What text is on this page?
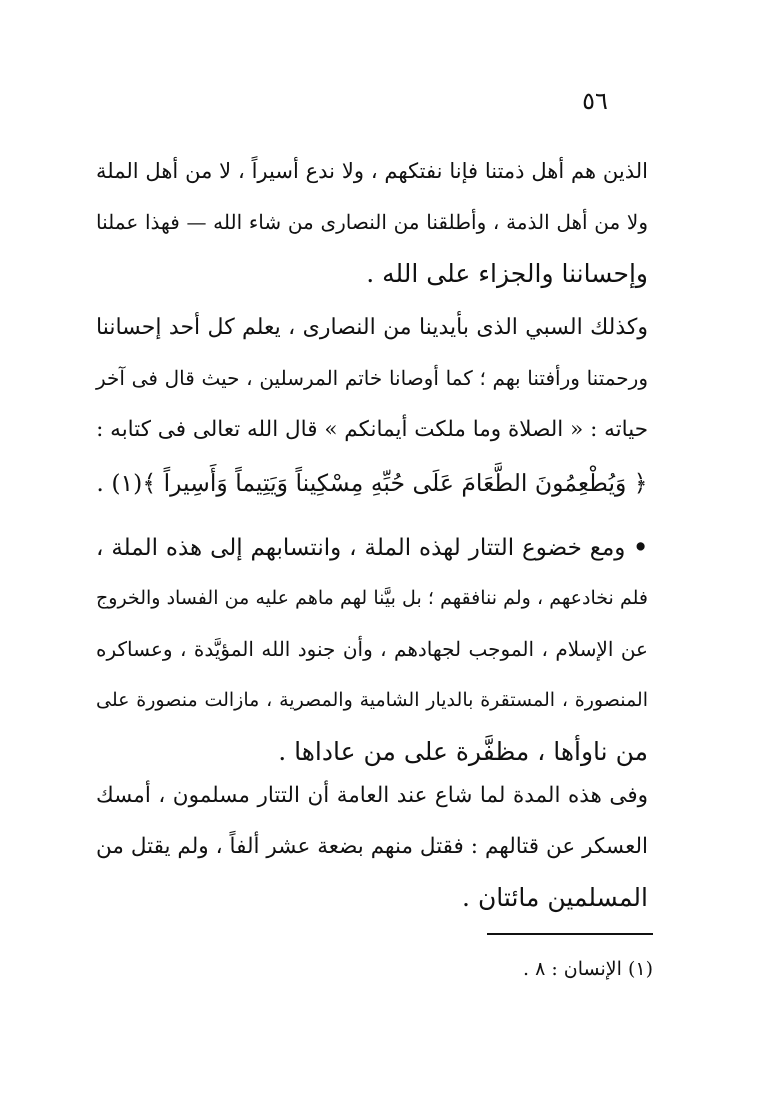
٥٦
الذين هم أهل ذمتنا فإنا نفتكهم ، ولا ندع أسيراً ، لا من أهل الملة
ولا من أهل الذمة ، وأطلقنا من النصارى من شاء الله — فهذا عملنا
وإحساننا والجزاء على الله .
وكذلك السبي الذى بأيدينا من النصارى ، يعلم كل أحد إحساننا
ورحمتنا ورأفتنا بهم ؛ كما أوصانا خاتم المرسلين ، حيث قال فى آخر
حياته : « الصلاة وما ملكت أيمانكم » قال الله تعالى فى كتابه :
﴿ وَيُطْعِمُونَ الطَّعَامَ عَلَى حُبِّهِ مِسْكِيناً وَيَتِيماً وَأَسِيراً ﴾(١) .
• ومع خضوع التتار لهذه الملة ، وانتسابهم إلى هذه الملة ،
فلم نخادعهم ، ولم ننافقهم ؛ بل بيَّنا لهم ماهم عليه من الفساد والخروج
عن الإسلام ، الموجب لجهادهم ، وأن جنود الله المؤيَّدة ، وعساكره
المنصورة ، المستقرة بالديار الشامية والمصرية ، مازالت منصورة على
من ناوأها ، مظفَّرة على من عاداها .
وفى هذه المدة لما شاع عند العامة أن التتار مسلمون ، أمسك
العسكر عن قتالهم : فقتل منهم بضعة عشر ألفاً ، ولم يقتل من
المسلمين مائتان .
(١) الإنسان : ٨ .
